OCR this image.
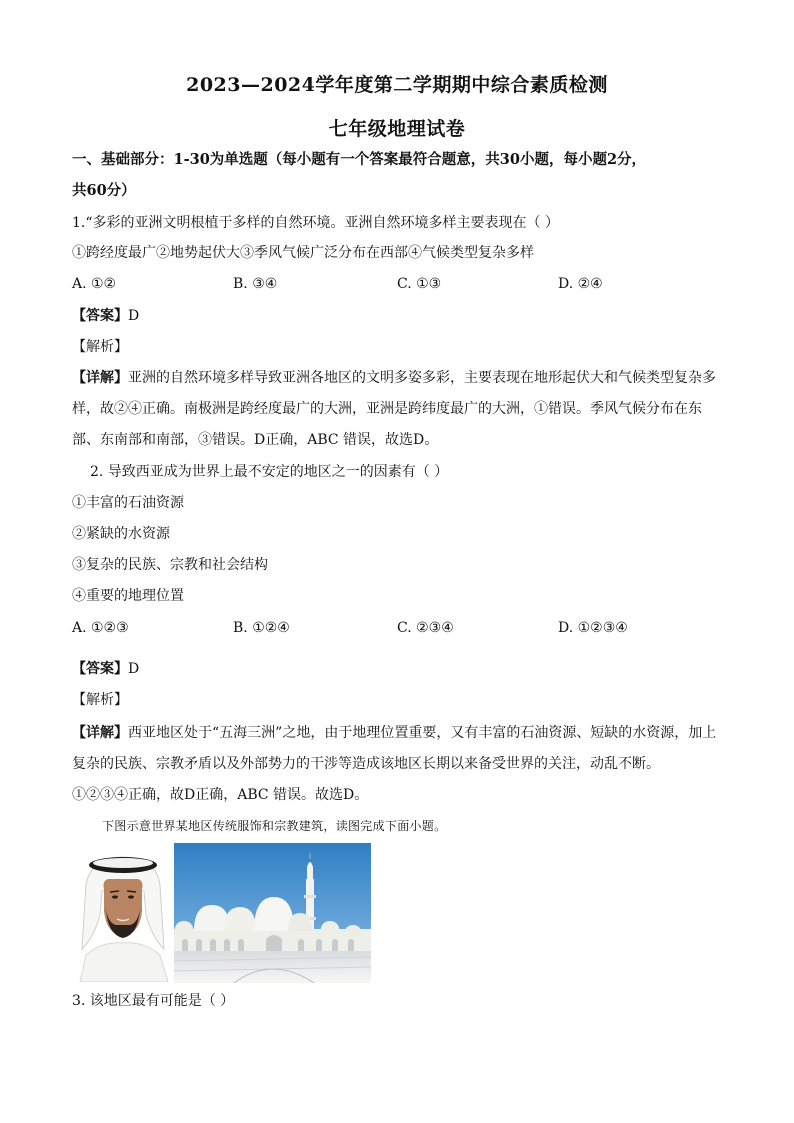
2023—2024学年度第二学期期中综合素质检测
七年级地理试卷
一、基础部分：1-30为单选题（每小题有一个答案最符合题意，共30小题，每小题2分，
共60分）
1.“多彩的亚洲文明根植于多样的自然环境。亚洲自然环境多样主要表现在（ ）
①跨经度最广②地势起伏大③季风气候广泛分布在西部④气候类型复杂多样
A. ①②	B. ③④	C. ①③	D. ②④
【答案】D
【解析】
【详解】亚洲的自然环境多样导致亚洲各地区的文明多姿多彩，主要表现在地形起伏大和气候类型复杂多
样，故②④正确。南极洲是跨经度最广的大洲，亚洲是跨纬度最广的大洲，①错误。季风气候分布在东
部、东南部和南部，③错误。D正确，ABC 错误，故选D。
2. 导致西亚成为世界上最不安定的地区之一的因素有（ ）
①丰富的石油资源
②紧缺的水资源
③复杂的民族、宗教和社会结构
④重要的地理位置
A. ①②③	B. ①②④	C. ②③④	D. ①②③④
【答案】D
【解析】
【详解】西亚地区处于“五海三洲”之地，由于地理位置重要，又有丰富的石油资源、短缺的水资源，加上
复杂的民族、宗教矛盾以及外部势力的干涉等造成该地区长期以来备受世界的关注，动乱不断。
①②③④正确，故D正确，ABC 错误。故选D。
下图示意世界某地区传统服饰和宗教建筑，读图完成下面小题。
3. 该地区最有可能是（ ）
